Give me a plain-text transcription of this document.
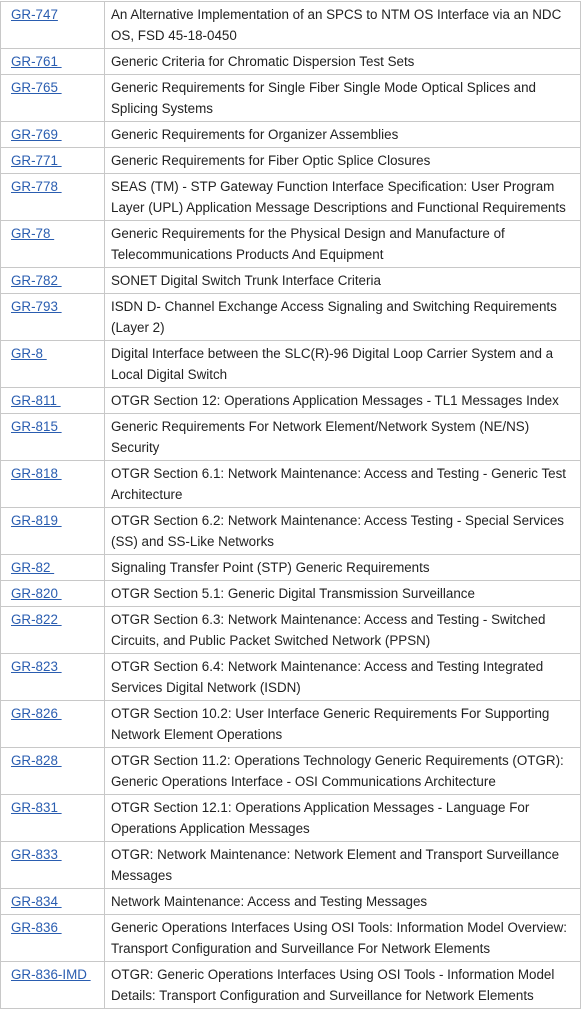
GR-747	An Alternative Implementation of an SPCS to NTM OS Interface via an NDC OS, FSD 45-18-0450
GR-761	Generic Criteria for Chromatic Dispersion Test Sets
GR-765	Generic Requirements for Single Fiber Single Mode Optical Splices and Splicing Systems
GR-769	Generic Requirements for Organizer Assemblies
GR-771	Generic Requirements for Fiber Optic Splice Closures
GR-778	SEAS (TM) - STP Gateway Function Interface Specification: User Program Layer (UPL) Application Message Descriptions and Functional Requirements
GR-78	Generic Requirements for the Physical Design and Manufacture of Telecommunications Products And Equipment
GR-782	SONET Digital Switch Trunk Interface Criteria
GR-793	ISDN D- Channel Exchange Access Signaling and Switching Requirements (Layer 2)
GR-8	Digital Interface between the SLC(R)-96 Digital Loop Carrier System and a Local Digital Switch
GR-811	OTGR Section 12: Operations Application Messages - TL1 Messages Index
GR-815	Generic Requirements For Network Element/Network System (NE/NS) Security
GR-818	OTGR Section 6.1: Network Maintenance: Access and Testing - Generic Test Architecture
GR-819	OTGR Section 6.2: Network Maintenance: Access Testing - Special Services (SS) and SS-Like Networks
GR-82	Signaling Transfer Point (STP) Generic Requirements
GR-820	OTGR Section 5.1: Generic Digital Transmission Surveillance
GR-822	OTGR Section 6.3: Network Maintenance: Access and Testing - Switched Circuits, and Public Packet Switched Network (PPSN)
GR-823	OTGR Section 6.4: Network Maintenance: Access and Testing Integrated Services Digital Network (ISDN)
GR-826	OTGR Section 10.2: User Interface Generic Requirements For Supporting Network Element Operations
GR-828	OTGR Section 11.2: Operations Technology Generic Requirements (OTGR): Generic Operations Interface - OSI Communications Architecture
GR-831	OTGR Section 12.1: Operations Application Messages - Language For Operations Application Messages
GR-833	OTGR: Network Maintenance: Network Element and Transport Surveillance Messages
GR-834	Network Maintenance: Access and Testing Messages
GR-836	Generic Operations Interfaces Using OSI Tools: Information Model Overview: Transport Configuration and Surveillance For Network Elements
GR-836-IMD	OTGR: Generic Operations Interfaces Using OSI Tools - Information Model Details: Transport Configuration and Surveillance for Network Elements
